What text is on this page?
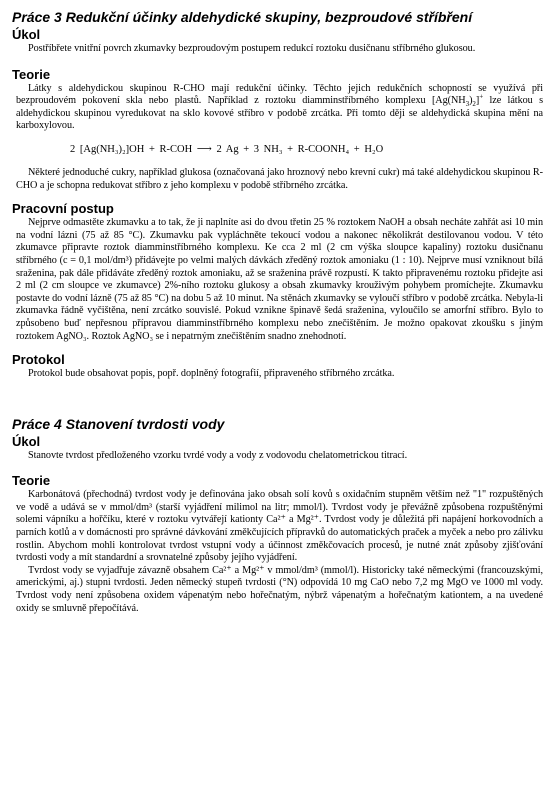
Práce 3 Redukční účinky aldehydické skupiny, bezproudové stříbření
Úkol

Postříbřete vnitřní povrch zkumavky bezproudovým postupem redukcí roztoku dusičnanu stříbrného glukosou.

Teorie

Látky s aldehydickou skupinou R-CHO mají redukční účinky. Těchto jejich redukčních schopností se využívá při bezproudovém pokovení skla nebo plastů. Například z roztoku diamminstříbrného komplexu $[Ag(NH_3)_2]^+$ lze látkou s aldehydickou skupinou vyredukovat na sklo kovové stříbro v podobě zrcátka. Při tomto ději se aldehydická skupina mění na karboxylovou.

2 [Ag(NH₃)₂]OH + R-COH ⟶ 2 Ag + 3 NH₃ + R-COONH₄ + H₂O

Některé jednoduché cukry, například glukosa (označovaná jako hroznový nebo krevní cukr) má také aldehydickou skupinou R-CHO a je schopna redukovat stříbro z jeho komplexu v podobě stříbrného zrcátka.

Pracovní postup

Nejprve odmastěte zkumavku a to tak, že ji naplníte asi do dvou třetin 25 % roztokem NaOH a obsah necháte zahřát asi 10 min na vodní lázni (75 až 85 °C). Zkumavku pak vypláchněte tekoucí vodou a nakonec několikrát destilovanou vodou. V této zkumavce připravte roztok diamminstříbrného komplexu. Ke cca 2 ml (2 cm výška sloupce kapaliny) roztoku dusičnanu stříbrného (c = 0,1 mol/dm³) přidávejte po velmi malých dávkách zředěný roztok amoniaku (1 : 10). Nejprve musí vzniknout bílá sraženina, pak dále přidáváte zředěný roztok amoniaku, až se sraženina právě rozpustí. K takto připravenému roztoku přidejte asi 2 ml (2 cm sloupce ve zkumavce) 2%-ního roztoku glukosy a obsah zkumavky krouživým pohybem promíchejte. Zkumavku postavte do vodní lázně (75 až 85 °C) na dobu 5 až 10 minut. Na stěnách zkumavky se vyloučí stříbro v podobě zrcátka. Nebyla-li zkumavka řádně vyčištěna, není zrcátko souvislé. Pokud vznikne špinavě šedá sraženina, vyloučilo se amorfní stříbro. Bylo to způsobeno buď nepřesnou přípravou diamminstříbrného komplexu nebo znečištěním. Je možno opakovat zkoušku s jiným roztokem AgNO₃. Roztok AgNO₃ se i nepatrným znečištěním snadno znehodnotí.

Protokol

Protokol bude obsahovat popis, popř. doplněný fotografií, připraveného stříbrného zrcátka.

Práce 4 Stanovení tvrdosti vody
Úkol

Stanovte tvrdost předloženého vzorku tvrdé vody a vody z vodovodu chelatometrickou titrací.

Teorie

Karbonátová (přechodná) tvrdost vody je definována jako obsah solí kovů s oxidačním stupněm větším než "1" rozpuštěných ve vodě a udává se v mmol/dm³ (starší vyjádření milimol na litr; mmol/l). Tvrdost vody je převážně způsobena rozpuštěnými solemi vápníku a hořčíku, které v roztoku vytvářejí kationty Ca²⁺ a Mg²⁺. Tvrdost vody je důležitá při napájení horkovodních a parních kotlů a v domácnosti pro správné dávkování změkčujících přípravků do automatických praček a myček a nebo pro zálivku rostlin. Abychom mohli kontrolovat tvrdost vstupní vody a účinnost změkčovacích procesů, je nutné znát způsoby zjišťování tvrdosti vody a mít standardní a srovnatelné způsoby jejího vyjádření.

Tvrdost vody se vyjadřuje závazně obsahem Ca²⁺ a Mg²⁺ v mmol/dm³ (mmol/l). Historicky také německými (francouzskými, americkými, aj.) stupni tvrdosti. Jeden německý stupeň tvrdosti (°N) odpovídá 10 mg CaO nebo 7,2 mg MgO ve 1000 ml vody. Tvrdost vody není způsobena oxidem vápenatým nebo hořečnatým, nýbrž vápenatým a hořečnatým kationtem, a na uvedené oxidy se smluvně přepočítává.
